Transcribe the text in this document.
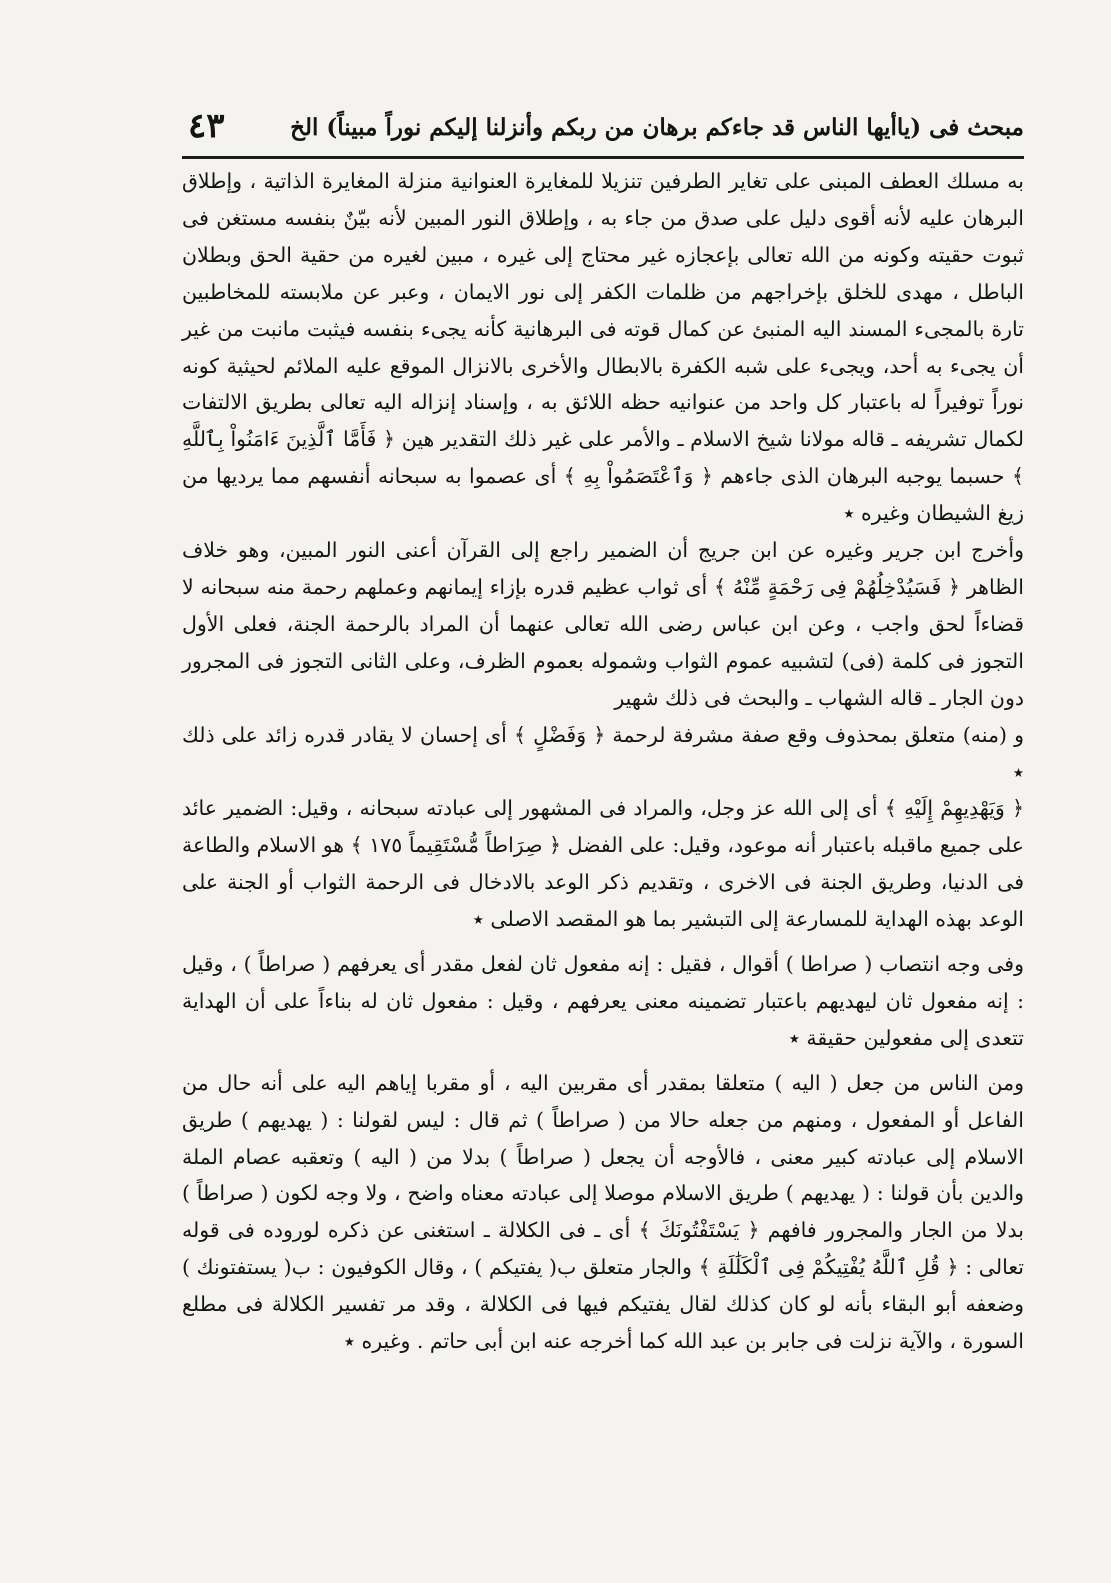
مبحث فى (ياأيها الناس قد جاءكم برهان من ربكم وأنزلنا إليكم نوراً مبيناً) الخ
٤٣

به مسلك العطف المبنى على تغاير الطرفين تنزيلا للمغايرة العنوانية منزلة المغايرة الذاتية ، وإطلاق البرهان عليه لأنه أقوى دليل على صدق من جاء به ، وإطلاق النور المبين لأنه بيّنٌ بنفسه مستغن فى ثبوت حقيته وكونه من الله تعالى بإعجازه غير محتاج إلى غيره ، مبين لغيره من حقية الحق وبطلان الباطل ، مهدى للخلق بإخراجهم من ظلمات الكفر إلى نور الايمان ، وعبر عن ملابسته للمخاطبين تارة بالمجىء المسند اليه المنبئ عن كمال قوته فى البرهانية كأنه يجىء بنفسه فيثبت مانبت من غير أن يجىء به أحد، ويجىء على شبه الكفرة بالابطال والأخرى بالانزال الموقع عليه الملائم لحيثية كونه نوراً توفيراً له باعتبار كل واحد من عنوانيه حظه اللائق به ، وإسناد إنزاله اليه تعالى بطريق الالتفات لكمال تشريفه ـ قاله مولانا شيخ الاسلام ـ والأمر على غير ذلك التقدير هين ﴿ فَأَمَّا ٱلَّذِينَ ءَامَنُواْ بِٱللَّهِ ﴾ حسبما يوجبه البرهان الذى جاءهم ﴿ وَٱعْتَصَمُواْ بِهِ ﴾ أى عصموا به سبحانه أنفسهم مما يرديها من زيغ الشيطان وغيره ٭

وأخرج ابن جرير وغيره عن ابن جريج أن الضمير راجع إلى القرآن أعنى النور المبين، وهو خلاف الظاهر ﴿ فَسَيُدْخِلُهُمْ فِى رَحْمَةٍ مِّنْهُ ﴾ أى ثواب عظيم قدره بإزاء إيمانهم وعملهم رحمة منه سبحانه لا قضاءاً لحق واجب ، وعن ابن عباس رضى الله تعالى عنهما أن المراد بالرحمة الجنة، فعلى الأول التجوز فى كلمة (فى) لتشبيه عموم الثواب وشموله بعموم الظرف، وعلى الثانى التجوز فى المجرور دون الجار ـ قاله الشهاب ـ والبحث فى ذلك شهير

و (منه) متعلق بمحذوف وقع صفة مشرفة لرحمة ﴿ وَفَضْلٍ ﴾ أى إحسان لا يقادر قدره زائد على ذلك ٭

﴿ وَيَهْدِيهِمْ إِلَيْهِ ﴾ أى إلى الله عز وجل، والمراد فى المشهور إلى عبادته سبحانه ، وقيل: الضمير عائد على جميع ماقبله باعتبار أنه موعود، وقيل: على الفضل ﴿ صِرَاطاً مُّسْتَقِيماً ١٧٥ ﴾ هو الاسلام والطاعة فى الدنيا، وطريق الجنة فى الاخرى ، وتقديم ذكر الوعد بالادخال فى الرحمة الثواب أو الجنة على الوعد بهذه الهداية للمسارعة إلى التبشير بما هو المقصد الاصلى ٭

وفى وجه انتصاب ( صراطا ) أقوال ، فقيل : إنه مفعول ثان لفعل مقدر أى يعرفهم ( صراطاً ) ، وقيل : إنه مفعول ثان ليهديهم باعتبار تضمينه معنى يعرفهم ، وقيل : مفعول ثان له بناءاً على أن الهداية تتعدى إلى مفعولين حقيقة ٭

ومن الناس من جعل ( اليه ) متعلقا بمقدر أى مقربين اليه ، أو مقربا إياهم اليه على أنه حال من الفاعل أو المفعول ، ومنهم من جعله حالا من ( صراطاً ) ثم قال : ليس لقولنا : ( يهديهم ) طريق الاسلام إلى عبادته كبير معنى ، فالأوجه أن يجعل ( صراطاً ) بدلا من ( اليه ) وتعقبه عصام الملة والدين بأن قولنا : ( يهديهم ) طريق الاسلام موصلا إلى عبادته معناه واضح ، ولا وجه لكون ( صراطاً ) بدلا من الجار والمجرور فافهم ﴿ يَسْتَفْتُونَكَ ﴾ أى ـ فى الكلالة ـ استغنى عن ذكره لوروده فى قوله تعالى : ﴿ قُلِ ٱللَّهُ يُفْتِيكُمْ فِى ٱلْكَلَٰلَةِ ﴾ والجار متعلق ب( يفتيكم ) ، وقال الكوفيون : ب( يستفتونك ) وضعفه أبو البقاء بأنه لو كان كذلك لقال يفتيكم فيها فى الكلالة ، وقد مر تفسير الكلالة فى مطلع السورة ، والآية نزلت فى جابر بن عبد الله كما أخرجه عنه ابن أبى حاتم . وغيره ٭
